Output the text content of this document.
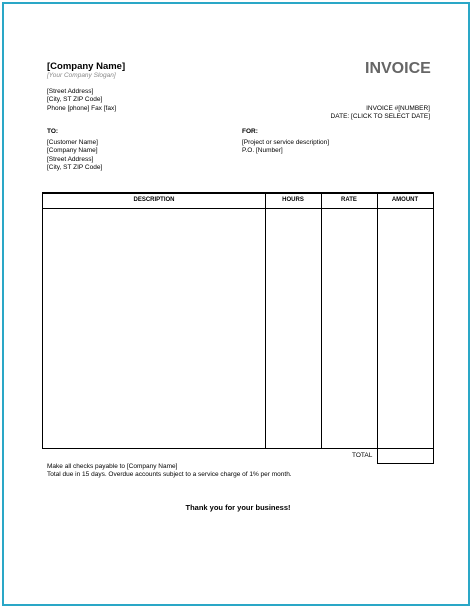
[Company Name]
[Your Company Slogan]	INVOICE
[Street Address]
[City, ST ZIP Code]
Phone [phone] Fax [fax]	INVOICE #[NUMBER]
DATE: [CLICK TO SELECT DATE]
TO:	FOR:
[Customer Name]
[Company Name]
[Street Address]
[City, ST ZIP Code]
[Project or service description]
P.O. [Number]
DESCRIPTION	HOURS	RATE	AMOUNT
TOTAL
Make all checks payable to [Company Name]
Total due in 15 days. Overdue accounts subject to a service charge of 1% per month.
Thank you for your business!
